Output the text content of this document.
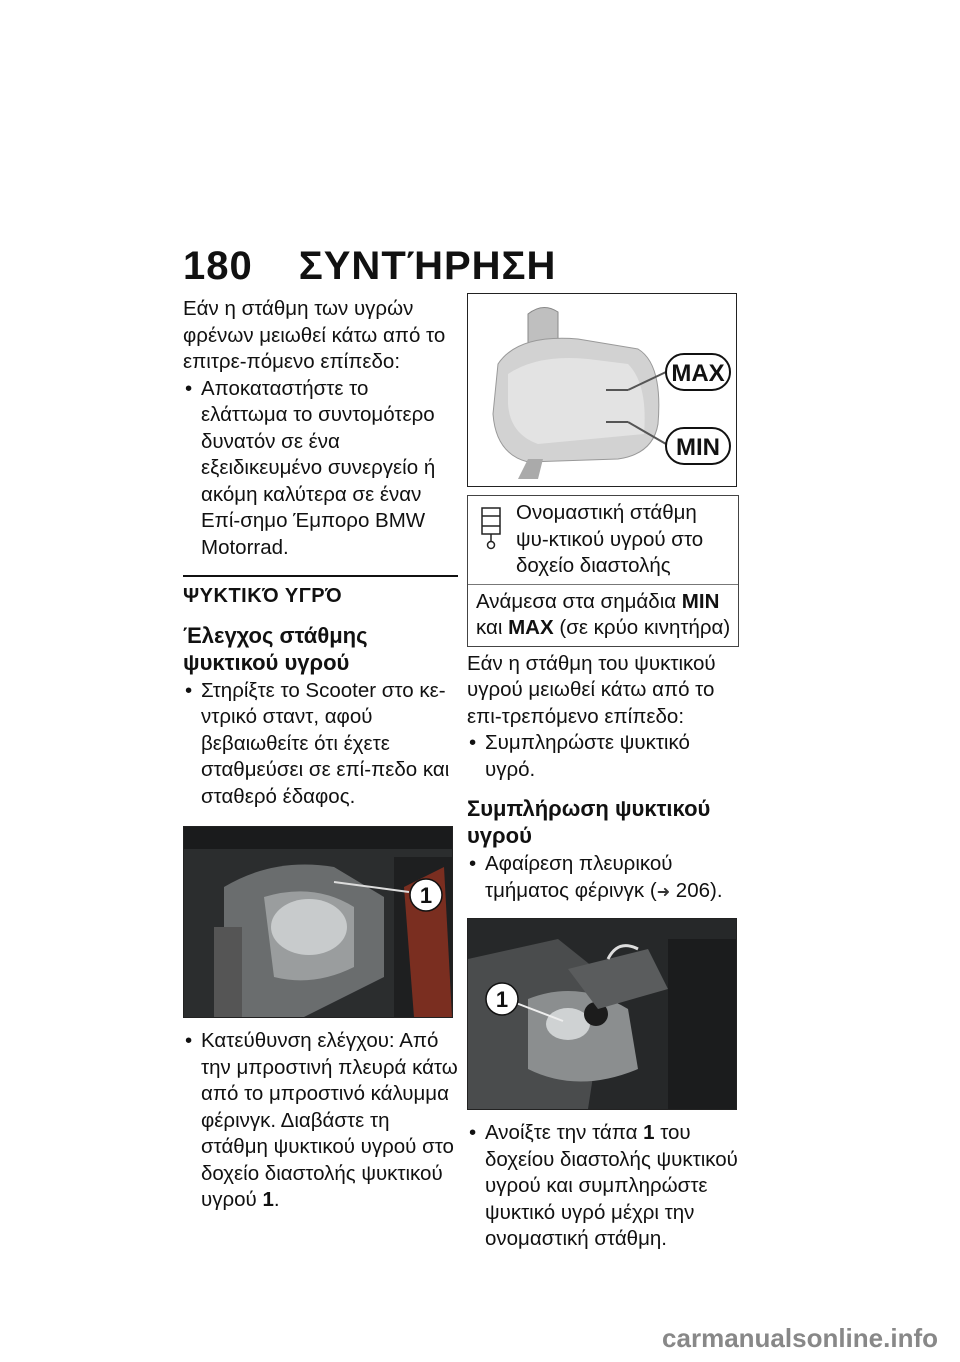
180 ΣΥΝΤΉΡΗΣΗ

Εάν η στάθμη των υγρών φρένων μειωθεί κάτω από το επιτρε-πόμενο επίπεδο:

• Αποκαταστήστε το ελάττωμα το συντομότερο δυνατόν σε ένα εξειδικευμένο συνεργείο ή ακόμη καλύτερα σε έναν Επί-σημο Έμπορο BMW Motorrad.

ΨΥΚΤΙΚΌ ΥΓΡΌ
Έλεγχος στάθμης ψυκτικού υγρού

• Στηρίξτε το Scooter στο κε-ντρικό σταντ, αφού βεβαιωθείτε ότι έχετε σταθμεύσει σε επί-πεδο και σταθερό έδαφος.

1

• Κατεύθυνση ελέγχου: Από την μπροστινή πλευρά κάτω από το μπροστινό κάλυμμα φέρινγκ. Διαβάστε τη στάθμη ψυκτικού υγρού στο δοχείο διαστολής ψυκτικού υγρού 1.

MAX
MIN
Ονομαστική στάθμη ψυ-κτικού υγρού στο δοχείο διαστολής
Ανάμεσα στα σημάδια MIN και MAX (σε κρύο κινητήρα)

Εάν η στάθμη του ψυκτικού υγρού μειωθεί κάτω από το επι-τρεπόμενο επίπεδο:

• Συμπληρώστε ψυκτικό υγρό.

Συμπλήρωση ψυκτικού υγρού

• Αφαίρεση πλευρικού τμήματος φέρινγκ (➜ 206).

1

• Ανοίξτε την τάπα 1 του δοχείου διαστολής ψυκτικού υγρού και συμπληρώστε ψυκτικό υγρό μέχρι την ονομαστική στάθμη.

carmanualsonline.info
